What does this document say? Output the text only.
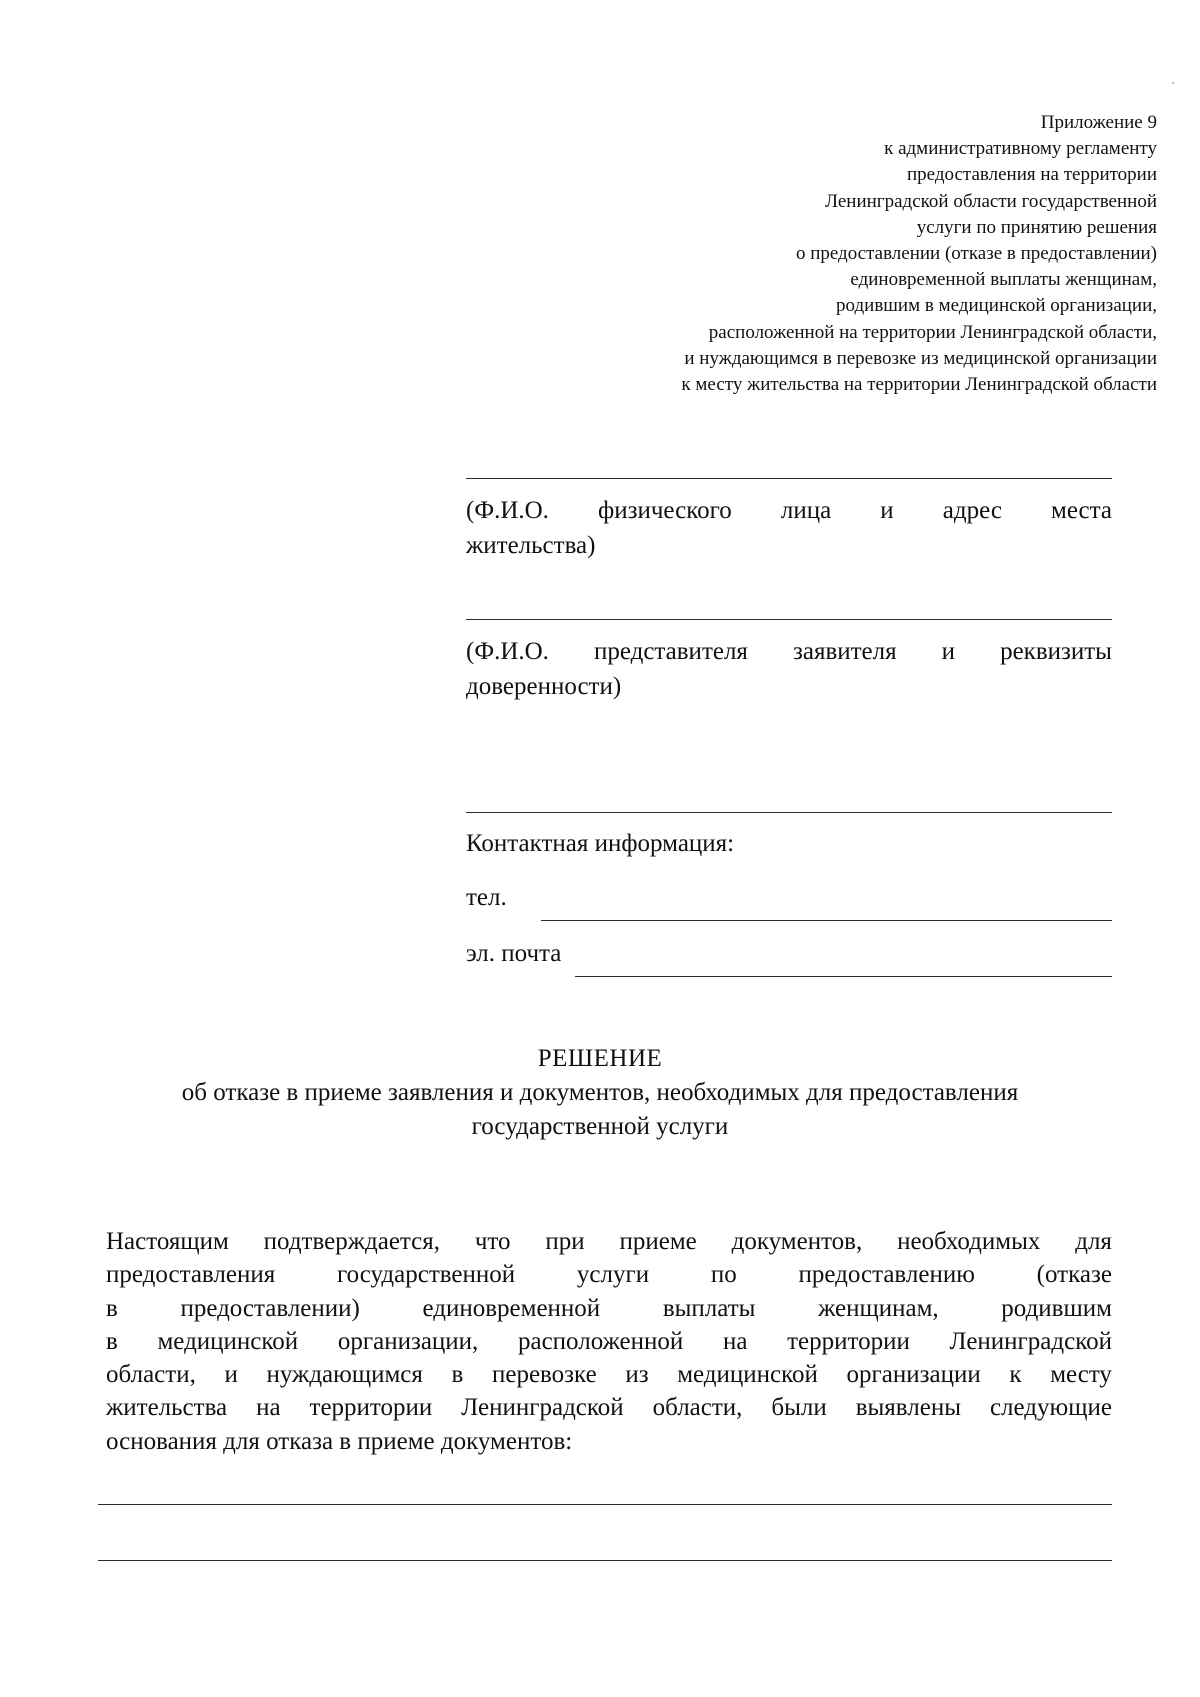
Приложение 9
к административному регламенту
предоставления на территории
Ленинградской области государственной
услуги по принятию решения
о предоставлении (отказе в предоставлении)
единовременной выплаты женщинам,
родившим в медицинской организации,
расположенной на территории Ленинградской области,
и нуждающимся в перевозке из медицинской организации
к месту жительства на территории Ленинградской области
(Ф.И.О. физического лица и адрес места
жительства)
(Ф.И.О. представителя заявителя и реквизиты
доверенности)
Контактная информация:
тел.
эл. почта
РЕШЕНИЕ
об отказе в приеме заявления и документов, необходимых для предоставления
государственной услуги
Настоящим подтверждается, что при приеме документов, необходимых для
предоставления государственной услуги по предоставлению (отказе
в	предоставлении)	единовременной	выплаты	женщинам,	родившим
в медицинской организации, расположенной на территории Ленинградской
области, и нуждающимся в перевозке из медицинской организации к месту
жительства на территории Ленинградской области, были выявлены следующие
основания для отказа в приеме документов:
